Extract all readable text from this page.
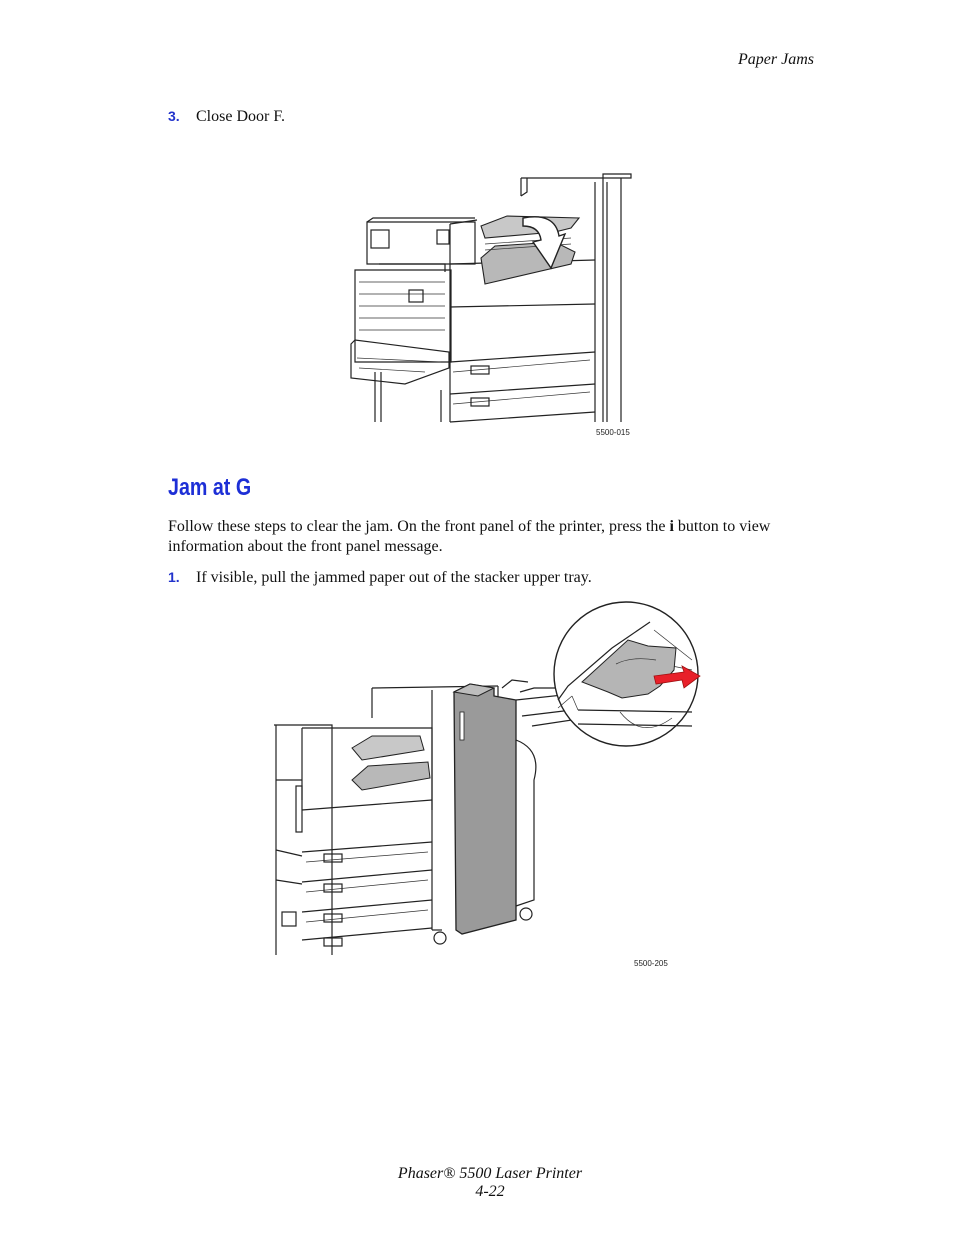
Paper Jams
3.	Close Door F.
5500-015
Jam at G
Follow these steps to clear the jam. On the front panel of the printer, press the i button to view information about the front panel message.
1.	If visible, pull the jammed paper out of the stacker upper tray.
5500-205
Phaser® 5500 Laser Printer
4-22
